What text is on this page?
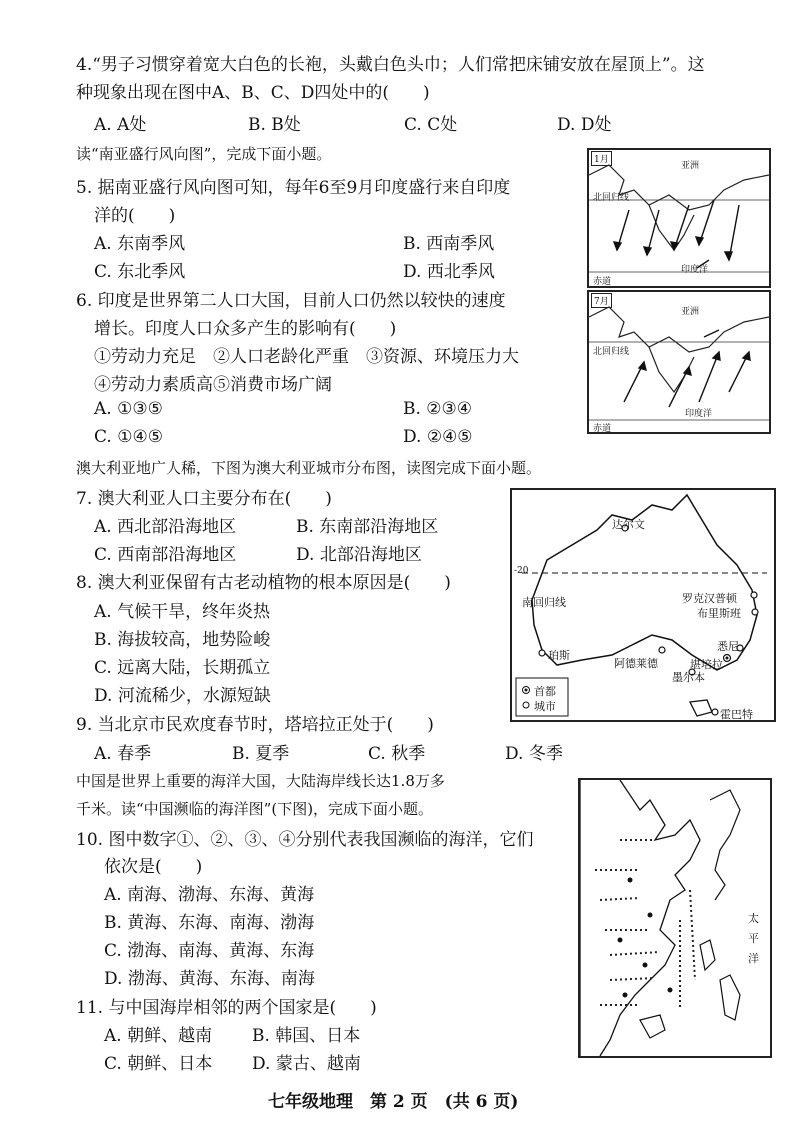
4.“男子习惯穿着宽大白色的长袍，头戴白色头巾；人们常把床铺安放在屋顶上”。这
种现象出现在图中A、B、C、D四处中的(　　)
A. A处	B. B处	C. C处	D. D处
读“南亚盛行风向图”，完成下面小题。
5. 据南亚盛行风向图可知，每年6至9月印度盛行来自印度
洋的(　　)
A. 东南季风	B. 西南季风
C. 东北季风	D. 西北季风
6. 印度是世界第二人口大国，目前人口仍然以较快的速度
增长。印度人口众多产生的影响有(　　)
①劳动力充足　②人口老龄化严重　③资源、环境压力大
④劳动力素质高⑤消费市场广阔
A. ①③⑤	B. ②③④
C. ①④⑤	D. ②④⑤
1月
亚洲
北回归线
印度洋
赤道
7月
亚洲
北回归线
印度洋
赤道
澳大利亚地广人稀，下图为澳大利亚城市分布图，读图完成下面小题。
7. 澳大利亚人口主要分布在(　　)
A. 西北部沿海地区	B. 东南部沿海地区
C. 西南部沿海地区	D. 北部沿海地区
8. 澳大利亚保留有古老动植物的根本原因是(　　)
A. 气候干旱，终年炎热
B. 海拔较高，地势险峻
C. 远离大陆，长期孤立
D. 河流稀少，水源短缺
9. 当北京市民欢度春节时，塔培拉正处于(　　)
A. 春季	B. 夏季	C. 秋季	D. 冬季
达尔文
-20
南回归线	罗克汉普顿
布里斯班
珀斯
阿德莱德
悉尼
堪培拉
墨尔本
霍巴特
首都
城市
中国是世界上重要的海洋大国，大陆海岸线长达1.8万多
千米。读“中国濒临的海洋图”(下图)，完成下面小题。
10. 图中数字①、②、③、④分别代表我国濒临的海洋，它们
依次是(　　)
A. 南海、渤海、东海、黄海
B. 黄海、东海、南海、渤海
C. 渤海、南海、黄海、东海
D. 渤海、黄海、东海、南海
11. 与中国海岸相邻的两个国家是(　　)
A. 朝鲜、越南 B. 韩国、日本
C. 朝鲜、日本 D. 蒙古、越南
太
平
洋
七年级地理　第 2 页　(共 6 页)
